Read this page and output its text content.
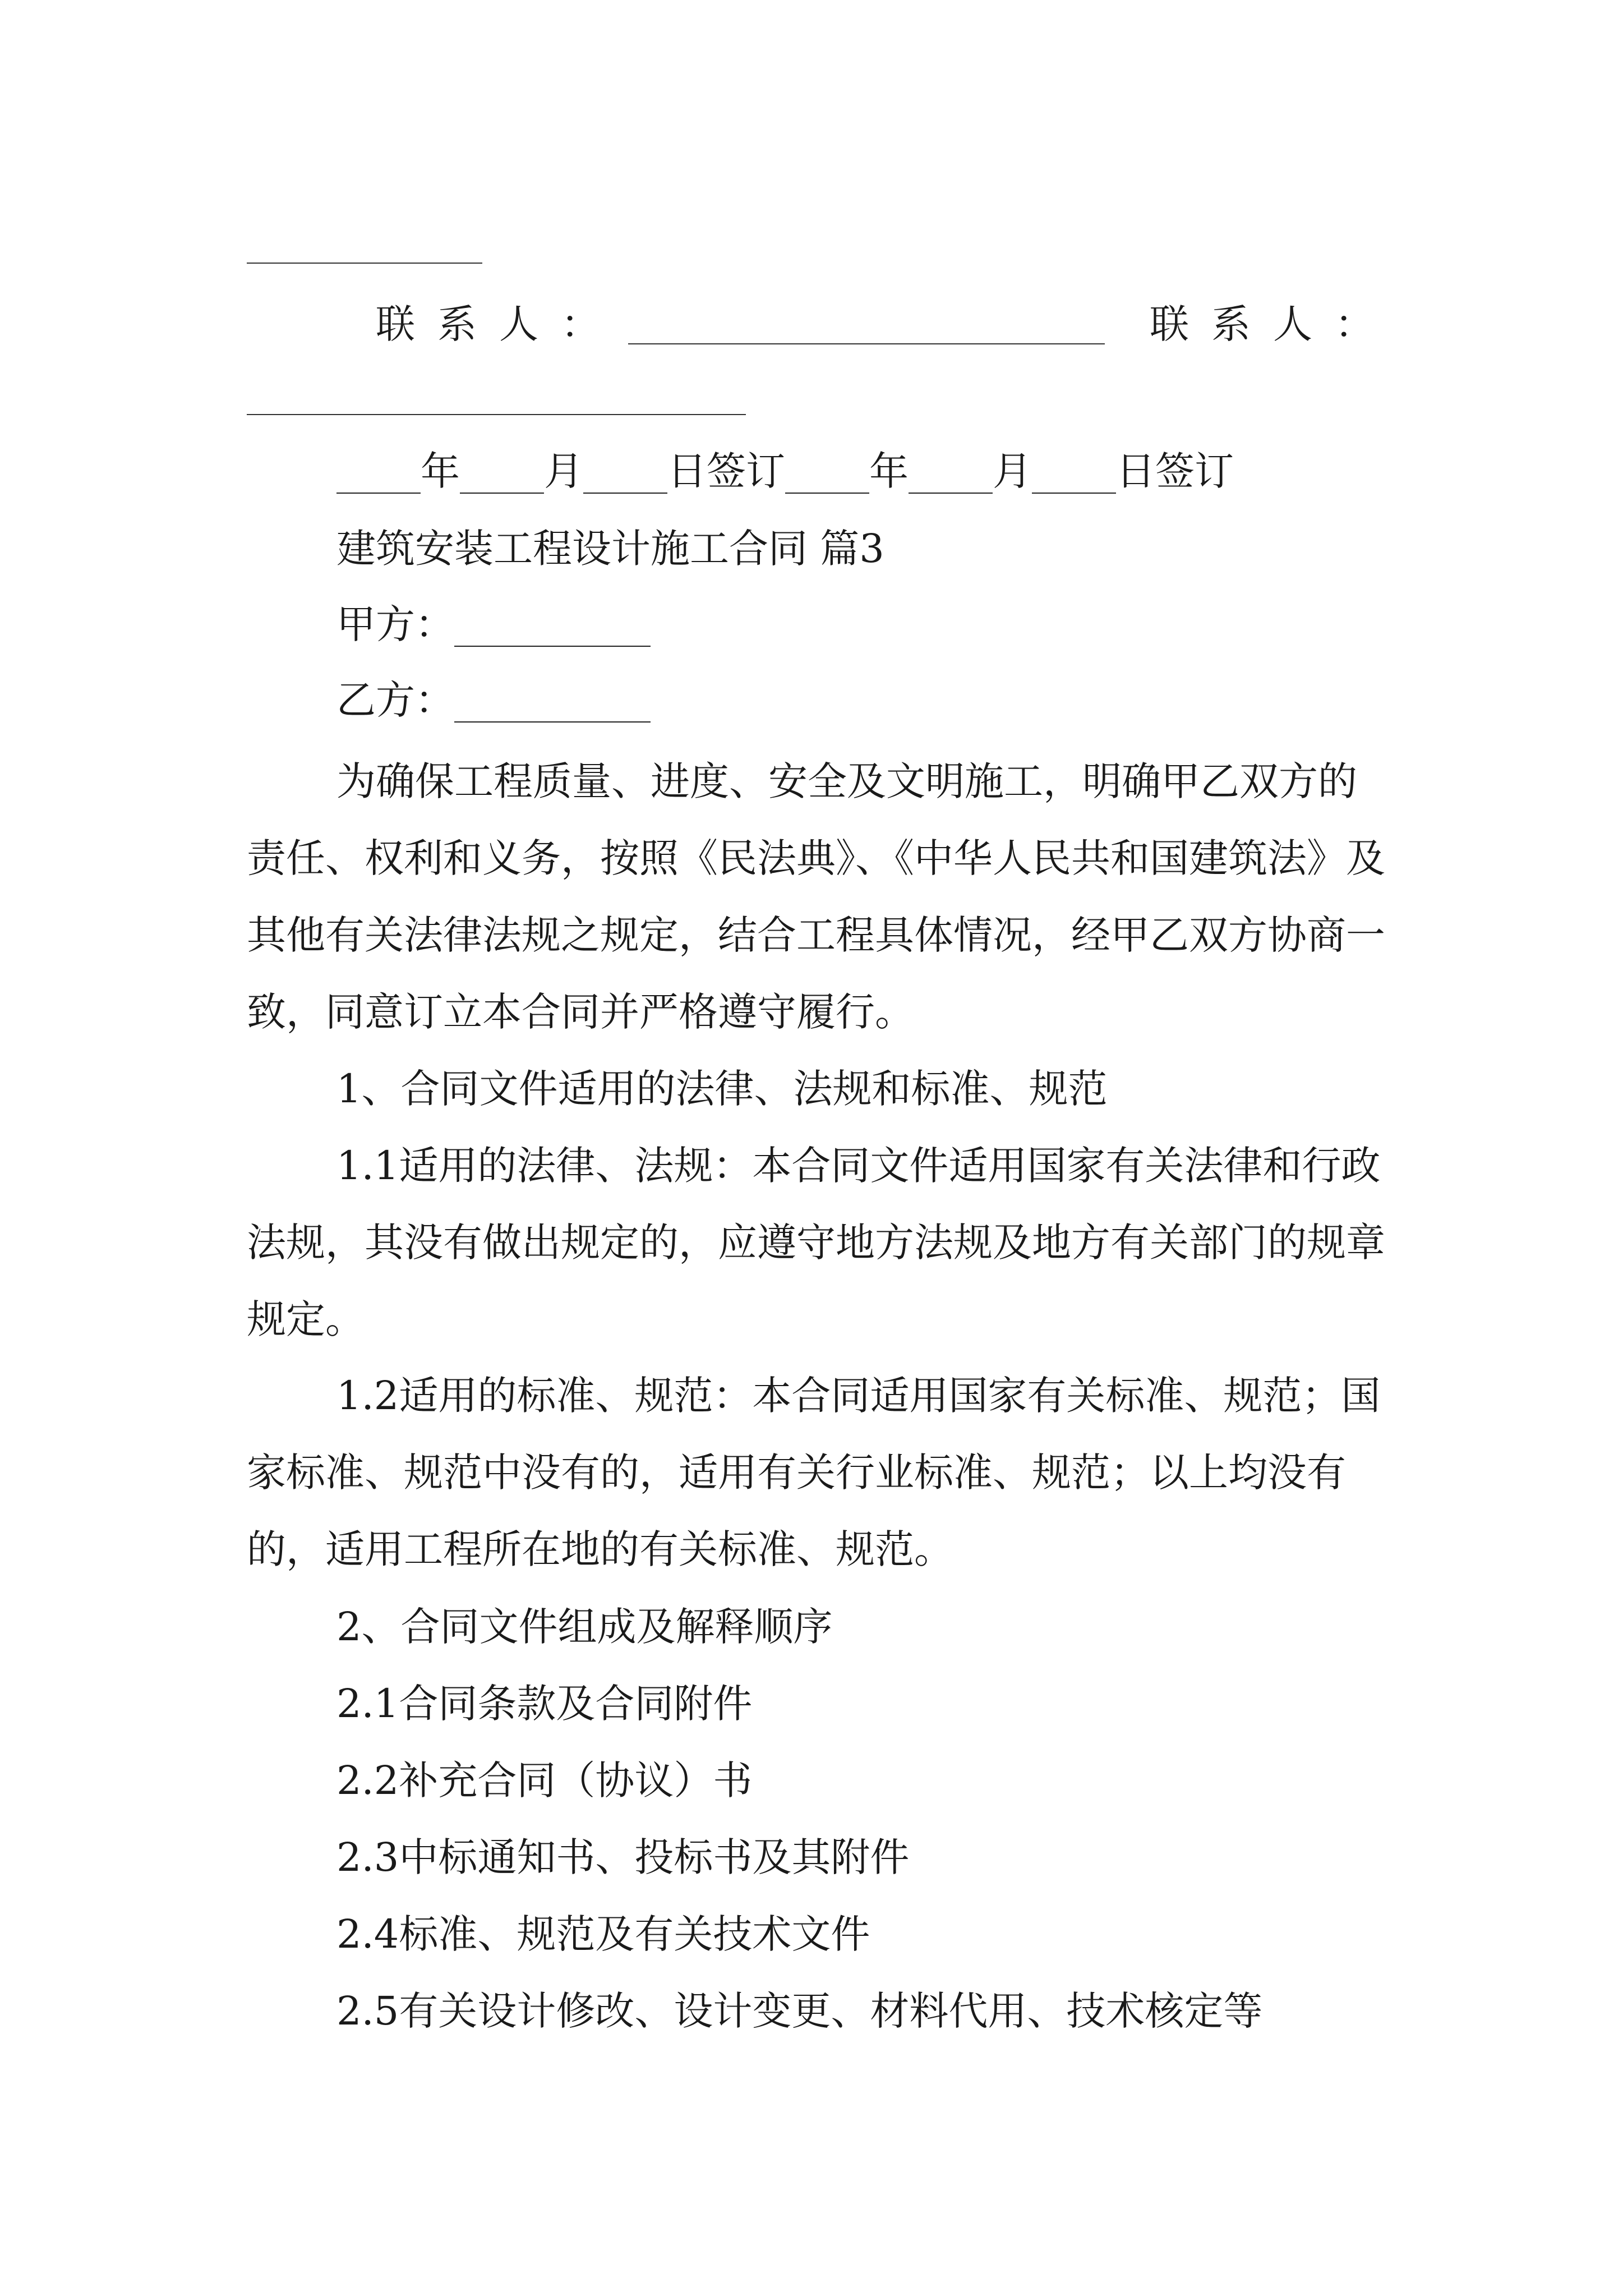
联系人：	联系人：
年 月 日签订 年 月 日签订
建筑安装工程设计施工合同 篇3
甲方：
乙方：
为确保工程质量、进度、安全及文明施工，明确甲乙双方的责任、权利和义务，按照《民法典》、《中华人民共和国建筑法》及其他有关法律法规之规定，结合工程具体情况，经甲乙双方协商一致，同意订立本合同并严格遵守履行。
1、合同文件适用的法律、法规和标准、规范
1.1适用的法律、法规：本合同文件适用国家有关法律和行政法规，其没有做出规定的，应遵守地方法规及地方有关部门的规章规定。
1.2适用的标准、规范：本合同适用国家有关标准、规范；国家标准、规范中没有的，适用有关行业标准、规范；以上均没有的，适用工程所在地的有关标准、规范。
2、合同文件组成及解释顺序
2.1合同条款及合同附件
2.2补充合同（协议）书
2.3中标通知书、投标书及其附件
2.4标准、规范及有关技术文件
2.5有关设计修改、设计变更、材料代用、技术核定等
